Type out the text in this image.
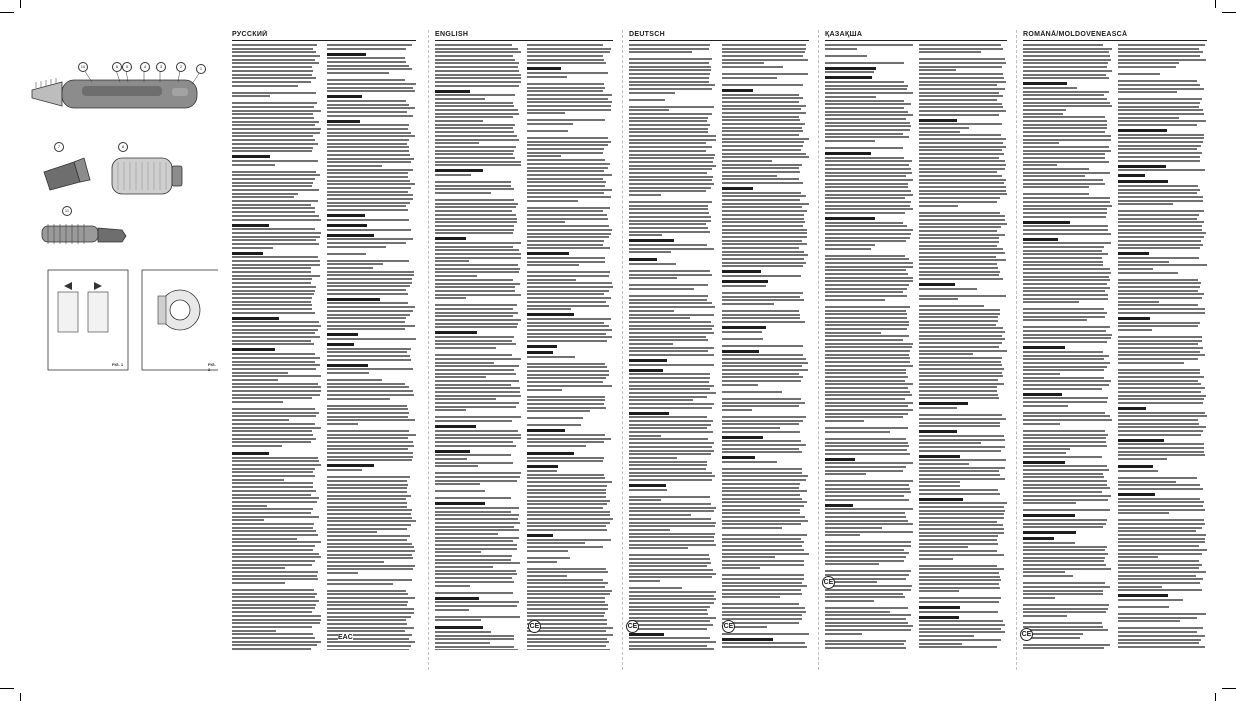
10	6	5	4	3	2	1
7	8
11
FIG. 1	FIG. 2
РУССКИЙ	ENGLISH	DEUTSCH	ҚАЗАҚША	ROMÂNĂ/MOLDOVENEASCĂ
CE	CE	CE
CE
CE
EAC
